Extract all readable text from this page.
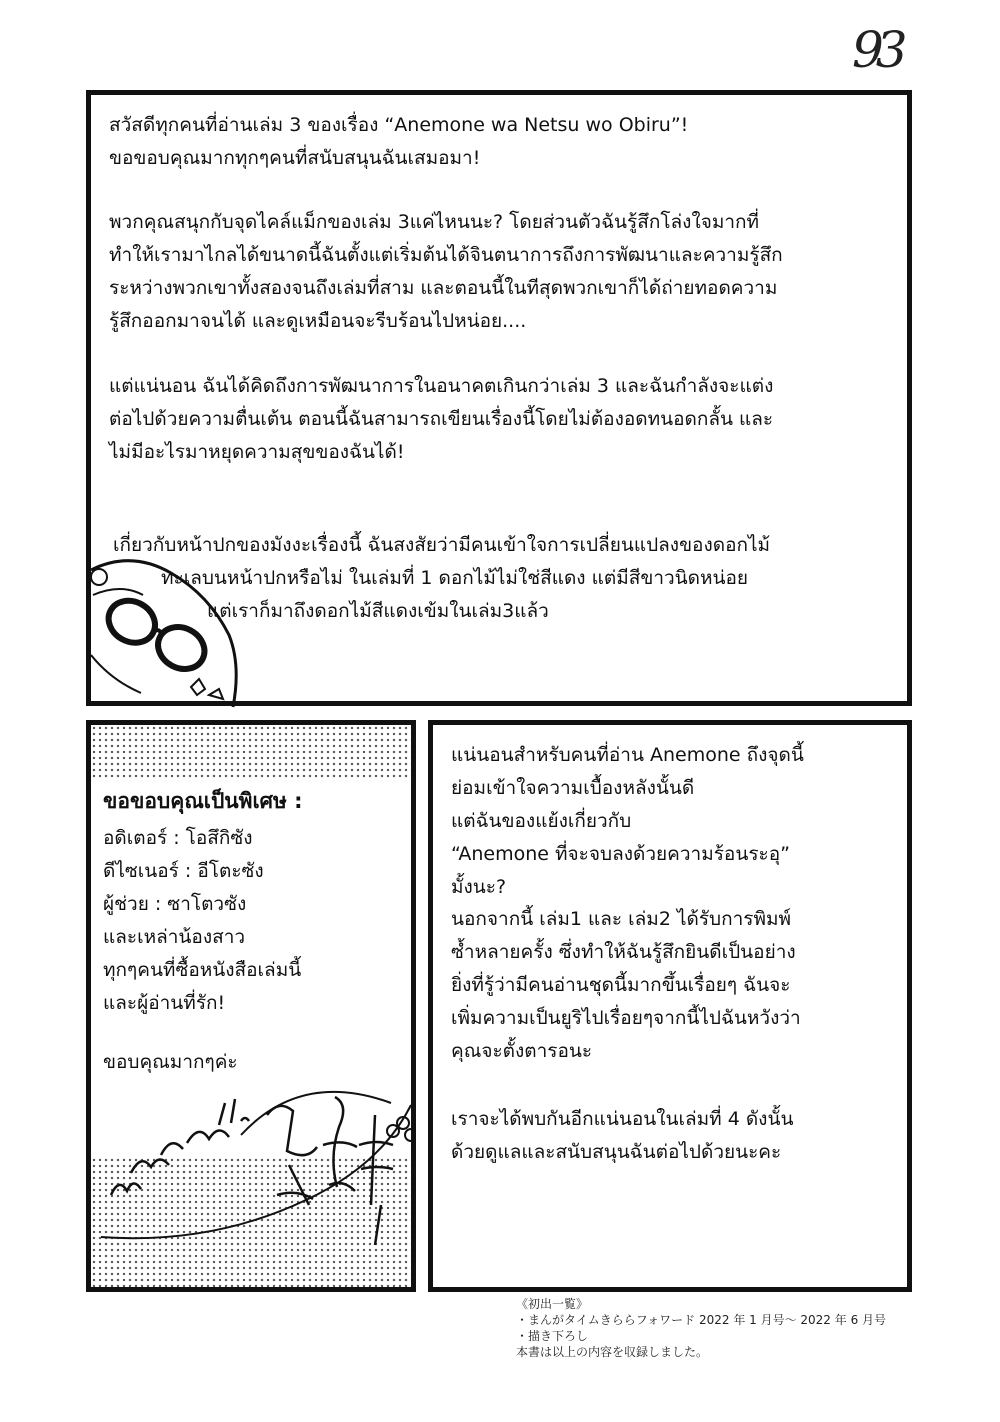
93
สวัสดีทุกคนที่อ่านเล่ม 3 ของเรื่อง “Anemone wa Netsu wo Obiru”!
ขอขอบคุณมากทุกๆคนที่สนับสนุนฉันเสมอมา!
พวกคุณสนุกกับจุดไคล์แม็กของเล่ม 3แค่ไหนนะ? โดยส่วนตัวฉันรู้สึกโล่งใจมากที่
ทำให้เรามาไกลได้ขนาดนี้ฉันตั้งแต่เริ่มต้นได้จินตนาการถึงการพัฒนาและความรู้สึก
ระหว่างพวกเขาทั้งสองจนถึงเล่มที่สาม และตอนนี้ในทีสุดพวกเขาก็ได้ถ่ายทอดความ
รู้สึกออกมาจนได้ และดูเหมือนจะรีบร้อนไปหน่อย....
แต่แน่นอน ฉันได้คิดถึงการพัฒนาการในอนาคตเกินกว่าเล่ม 3 และฉันกำลังจะแต่ง
ต่อไปด้วยความตื่นเต้น ตอนนี้ฉันสามารถเขียนเรื่องนี้โดยไม่ต้องอดทนอดกลั้น และ
ไม่มีอะไรมาหยุดความสุขของฉันได้!
เกี่ยวกับหน้าปกของมังงะเรื่องนี้ ฉันสงสัยว่ามีคนเข้าใจการเปลี่ยนแปลงของดอกไม้
ทะเลบนหน้าปกหรือไม่ ในเล่มที่ 1 ดอกไม้ไม่ใช่สีแดง แต่มีสีขาวนิดหน่อย
แต่เราก็มาถึงดอกไม้สีแดงเข้มในเล่ม3แล้ว
ขอขอบคุณเป็นพิเศษ :
อดิเตอร์ : โอสึกิซัง
ดีไซเนอร์ : อีโตะซัง
ผู้ช่วย : ซาโตวซัง
และเหล่าน้องสาว
ทุกๆคนที่ซื้อหนังสือเล่มนี้
และผู้อ่านที่รัก!
ขอบคุณมากๆค่ะ
แน่นอนสำหรับคนที่อ่าน Anemone ถึงจุดนี้
ย่อมเข้าใจความเบื้องหลังนั้นดี
แต่ฉันของแย้งเกี่ยวกับ
“Anemone ที่จะจบลงด้วยความร้อนระอุ”
มั้งนะ?
นอกจากนี้ เล่ม1 และ เล่ม2 ได้รับการพิมพ์
ซ้ำหลายครั้ง ซึ่งทำให้ฉันรู้สึกยินดีเป็นอย่าง
ยิ่งที่รู้ว่ามีคนอ่านชุดนี้มากขึ้นเรื่อยๆ ฉันจะ
เพิ่มความเป็นยูริไปเรื่อยๆจากนี้ไปฉันหวังว่า
คุณจะตั้งตารอนะ
เราจะได้พบกันอีกแน่นอนในเล่มที่ 4 ดังนั้น
ด้วยดูแลและสนับสนุนฉันต่อไปด้วยนะคะ
《初出一覧》
・まんがタイムきららフォワード 2022 年 1 月号～ 2022 年 6 月号
・描き下ろし
本書は以上の内容を収録しました。
